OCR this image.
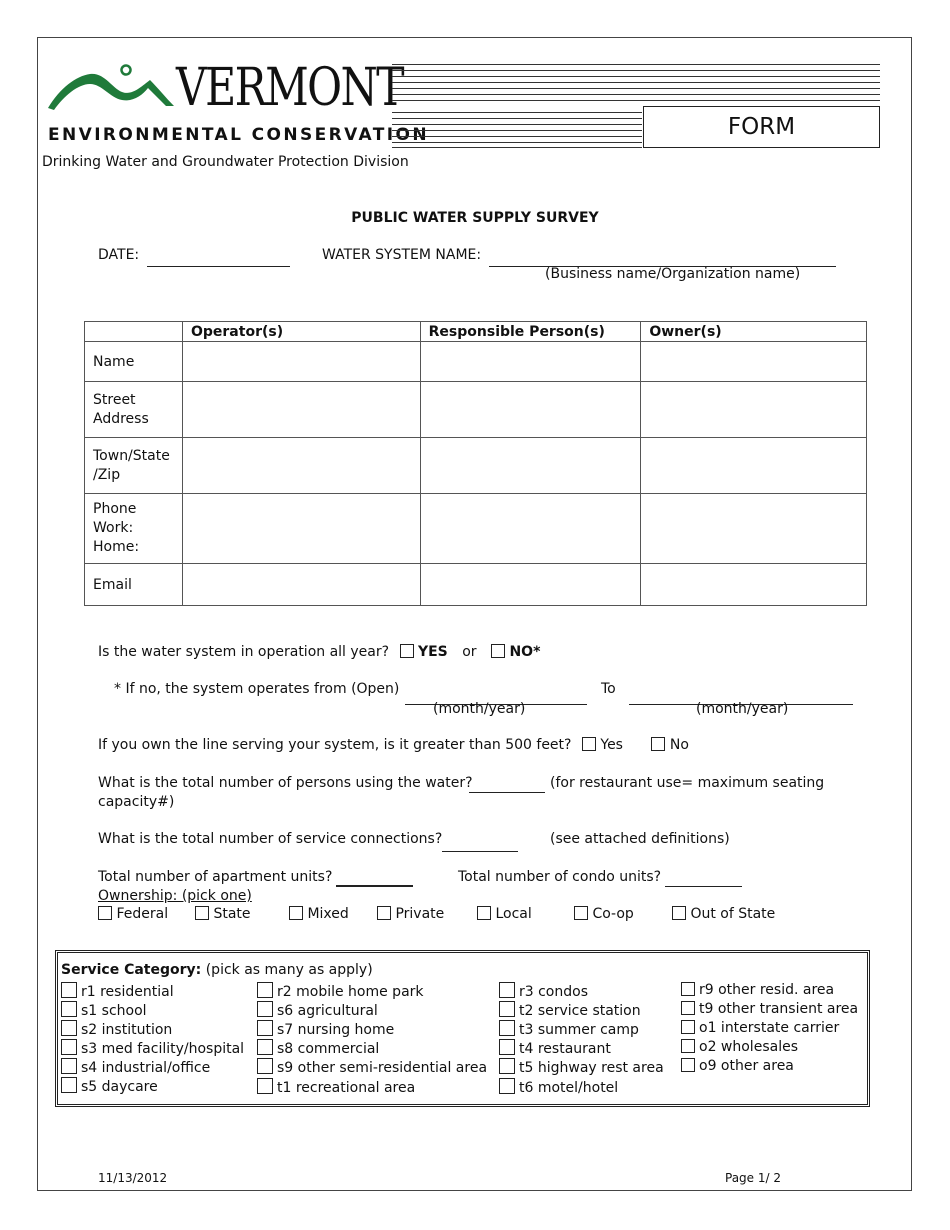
VERMONT
ENVIRONMENTAL CONSERVATION	FORM
Drinking Water and Groundwater Protection Division
PUBLIC WATER SUPPLY SURVEY
DATE:	WATER SYSTEM NAME:
(Business name/Organization name)
	Operator(s)	Responsible Person(s)	Owner(s)
Name			
Street
Address			
Town/State
/Zip			
Phone
Work:
Home:			
Email			
Is the water system in operation all year? YES or NO*
* If no, the system operates from (Open)
(month/year)
To
(month/year)
If you own the line serving your system, is it greater than 500 feet? Yes	No
What is the total number of persons using the water?	(for restaurant use= maximum seating
capacity#)
What is the total number of service connections?	(see attached definitions)
Total number of apartment units?	Total number of condo units?
Ownership: (pick one)
Federal	State	Mixed	Private	Local	Co-op	Out of State
Service Category: (pick as many as apply)
r1 residential
s1 school
s2 institution
s3 med facility/hospital
s4 industrial/office
s5 daycare
r2 mobile home park
s6 agricultural
s7 nursing home
s8 commercial
s9 other semi-residential area
t1 recreational area
r3 condos
t2 service station
t3 summer camp
t4 restaurant
t5 highway rest area
t6 motel/hotel
r9 other resid. area
t9 other transient area
o1 interstate carrier
o2 wholesales
o9 other area
11/13/2012	Page 1/ 2
